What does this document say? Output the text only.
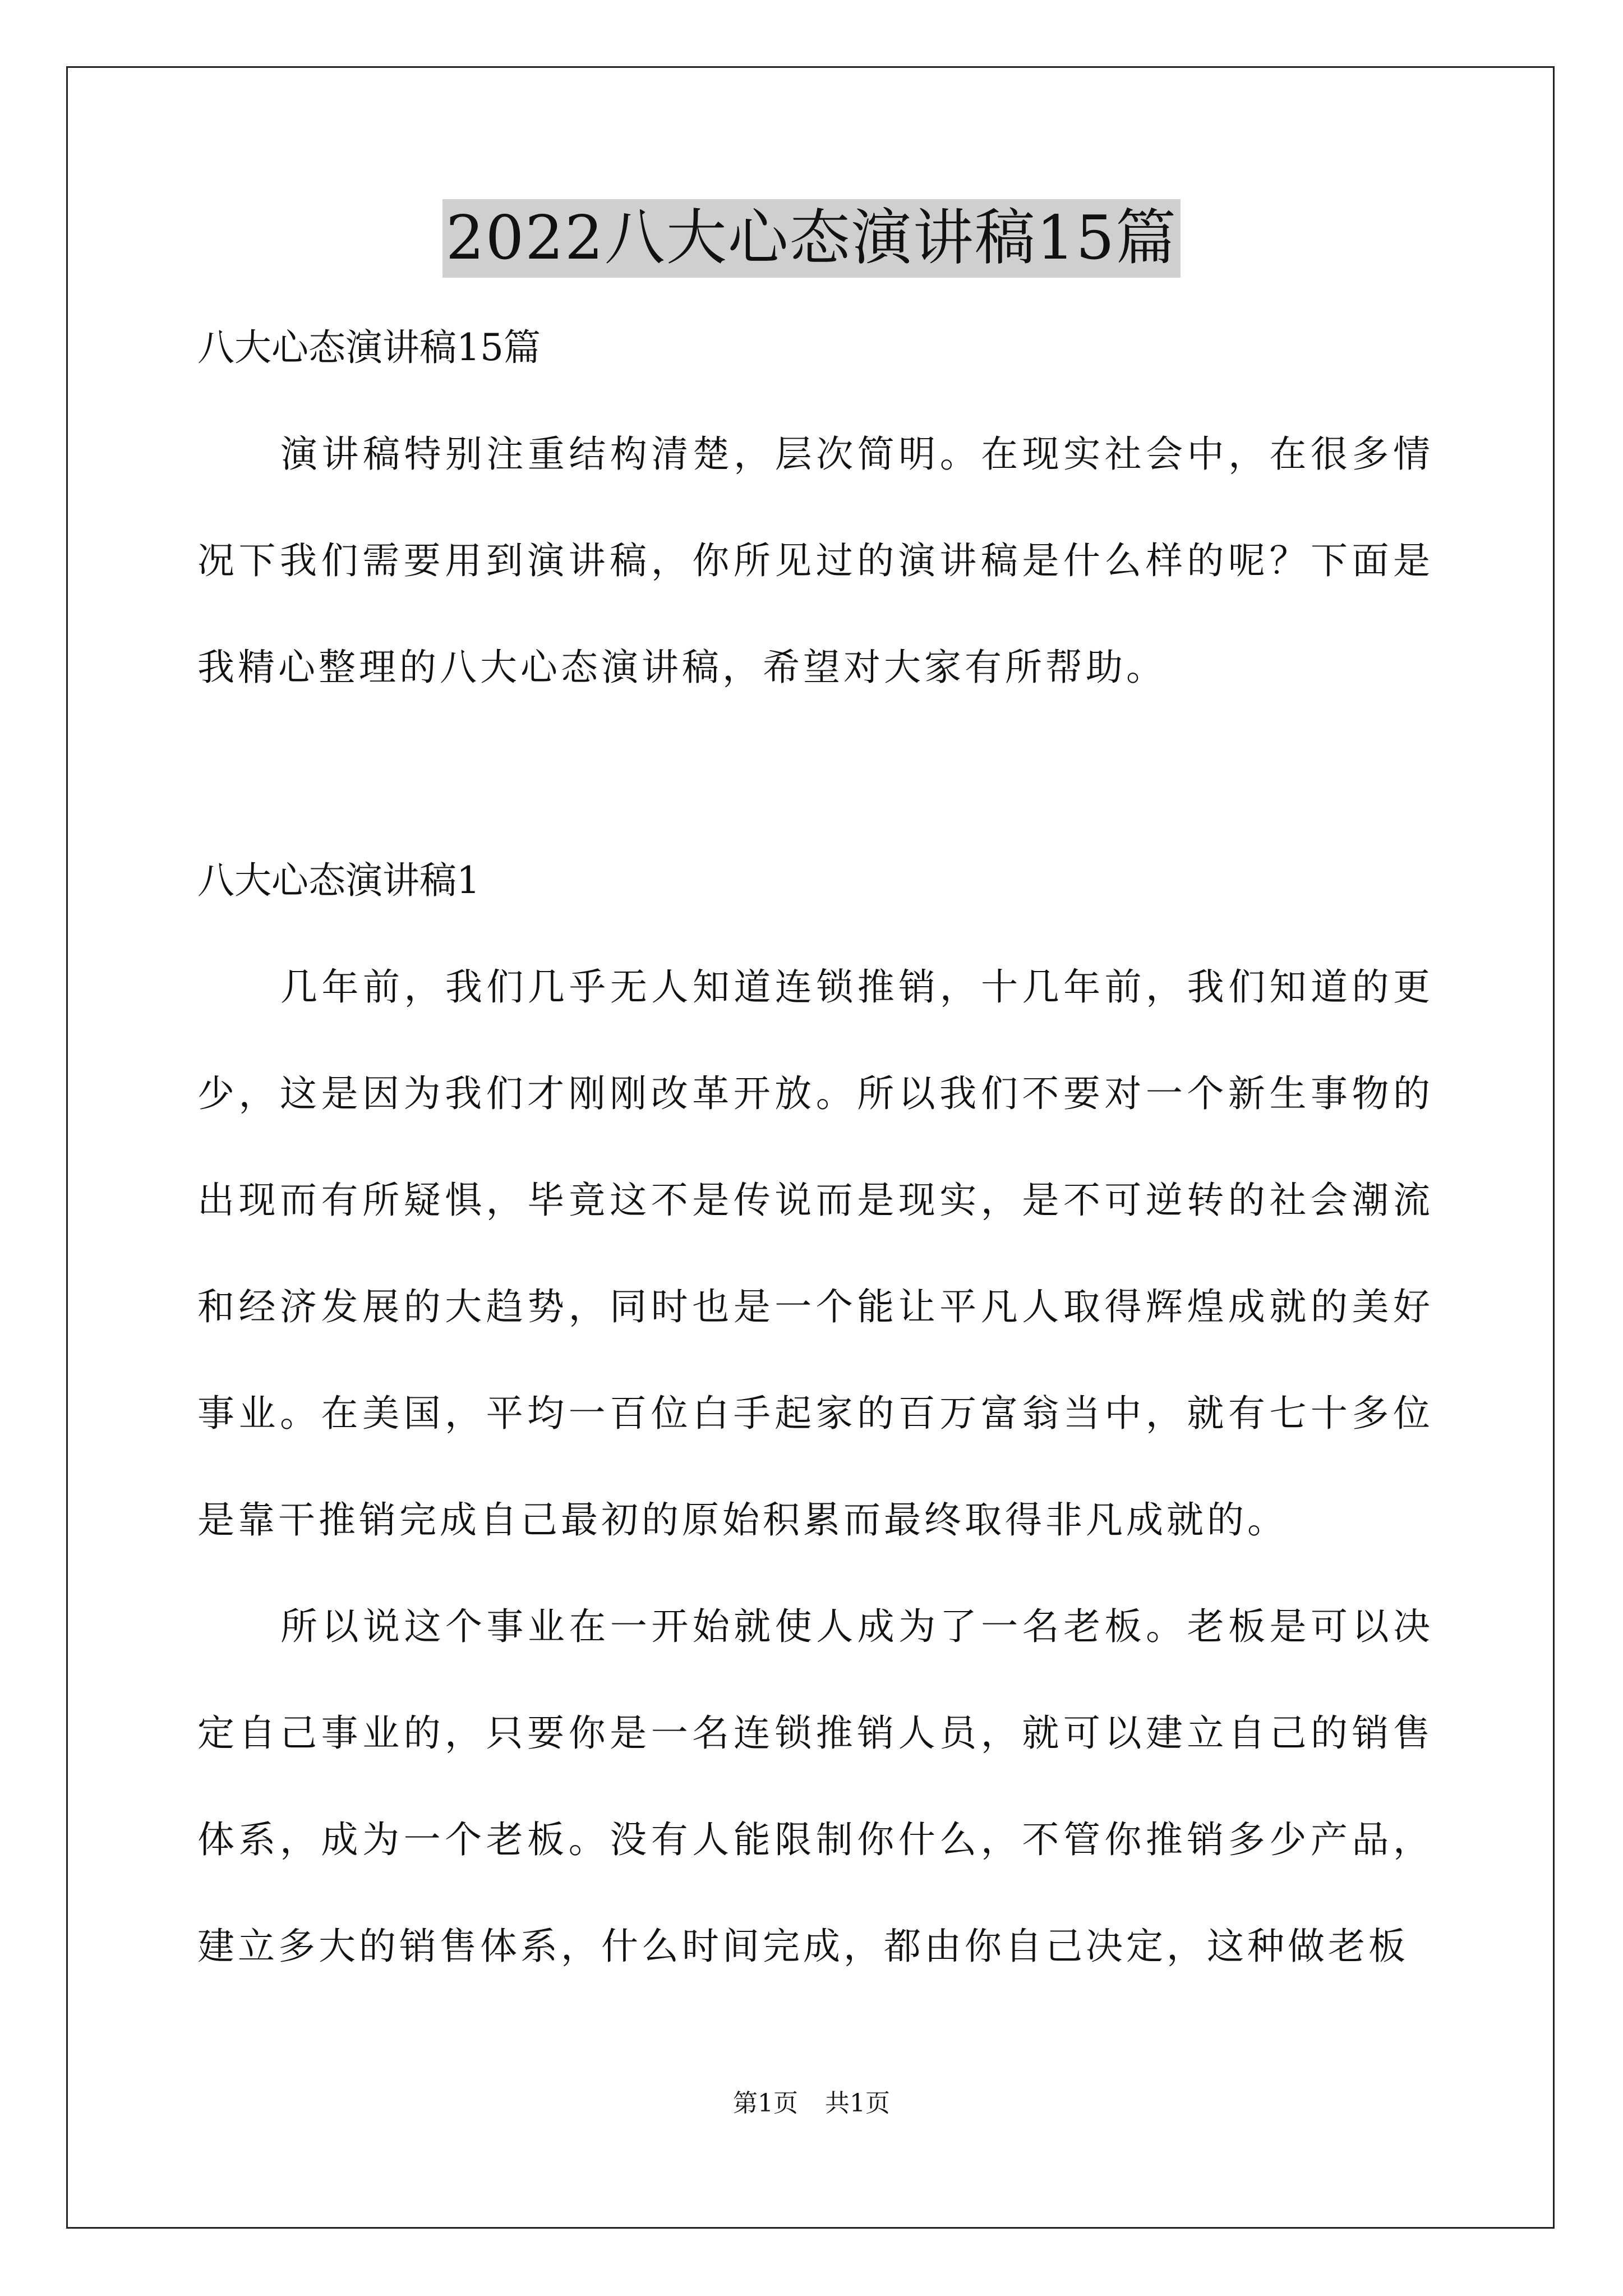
2022八大心态演讲稿15篇

八大心态演讲稿15篇

演讲稿特别注重结构清楚，层次简明。在现实社会中，在很多情况下我们需要用到演讲稿，你所见过的演讲稿是什么样的呢？下面是我精心整理的八大心态演讲稿，希望对大家有所帮助。

八大心态演讲稿1

几年前，我们几乎无人知道连锁推销，十几年前，我们知道的更少，这是因为我们才刚刚改革开放。所以我们不要对一个新生事物的出现而有所疑惧，毕竟这不是传说而是现实，是不可逆转的社会潮流和经济发展的大趋势，同时也是一个能让平凡人取得辉煌成就的美好事业。在美国，平均一百位白手起家的百万富翁当中，就有七十多位是靠干推销完成自己最初的原始积累而最终取得非凡成就的。

所以说这个事业在一开始就使人成为了一名老板。老板是可以决定自己事业的，只要你是一名连锁推销人员，就可以建立自己的销售体系，成为一个老板。没有人能限制你什么，不管你推销多少产品，建立多大的销售体系，什么时间完成，都由你自己决定，这种做老板

第1页 共1页
